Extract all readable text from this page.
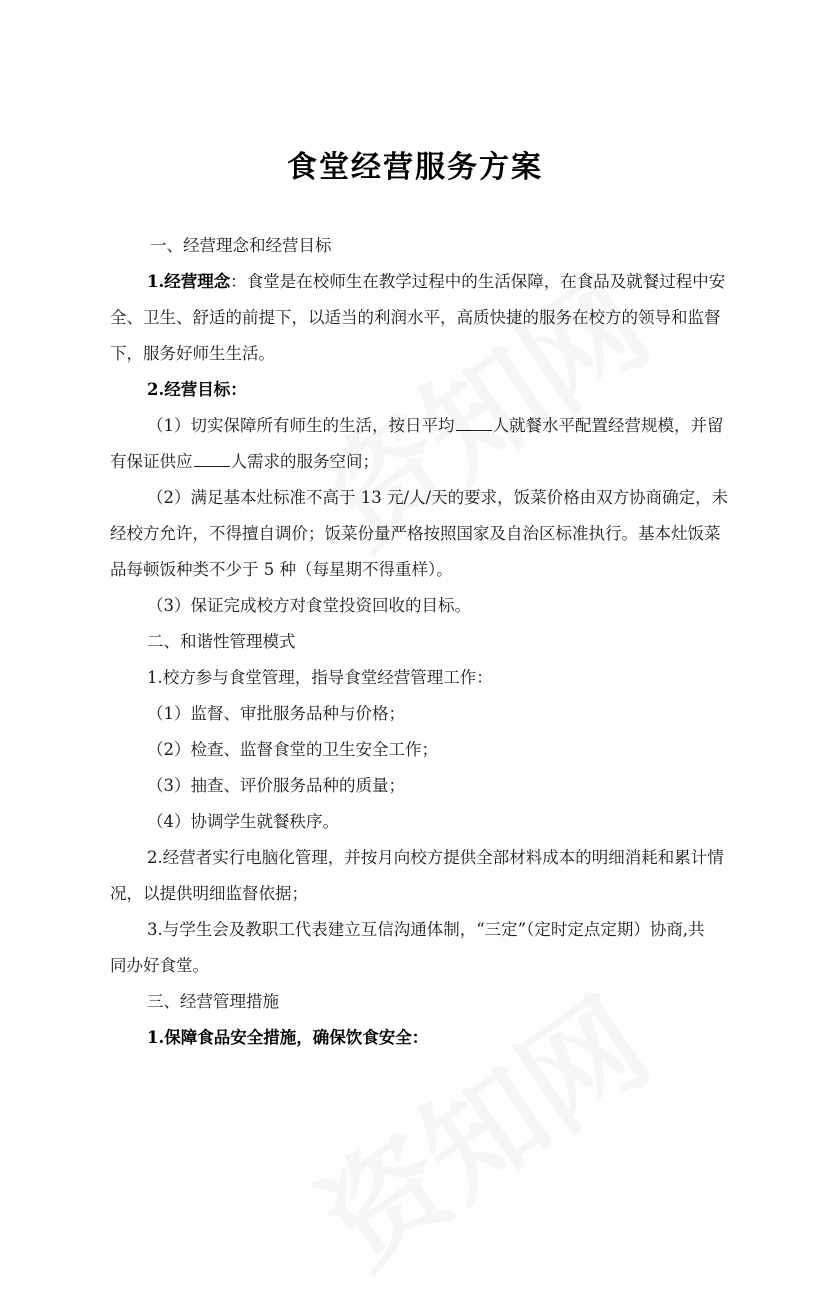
食堂经营服务方案
一、经营理念和经营目标
1.经营理念：食堂是在校师生在教学过程中的生活保障，在食品及就餐过程中安
全、卫生、舒适的前提下，以适当的利润水平，高质快捷的服务在校方的领导和监督
下，服务好师生生活。
2.经营目标：
（1）切实保障所有师生的生活，按日平均 人就餐水平配置经营规模，并留
有保证供应 人需求的服务空间；
（2）满足基本灶标准不高于 13 元/人/天的要求，饭菜价格由双方协商确定，未
经校方允许，不得擅自调价；饭菜份量严格按照国家及自治区标准执行。基本灶饭菜
品每顿饭种类不少于 5 种（每星期不得重样）。
（3）保证完成校方对食堂投资回收的目标。
二、和谐性管理模式
1.校方参与食堂管理，指导食堂经营管理工作：
（1）监督、审批服务品种与价格；
（2）检查、监督食堂的卫生安全工作；
（3）抽查、评价服务品种的质量；
（4）协调学生就餐秩序。
2.经营者实行电脑化管理，并按月向校方提供全部材料成本的明细消耗和累计情
况，以提供明细监督依据；
3.与学生会及教职工代表建立互信沟通体制，“三定”（定时定点定期）协商,共
同办好食堂。
三、经营管理措施
1.保障食品安全措施，确保饮食安全：
